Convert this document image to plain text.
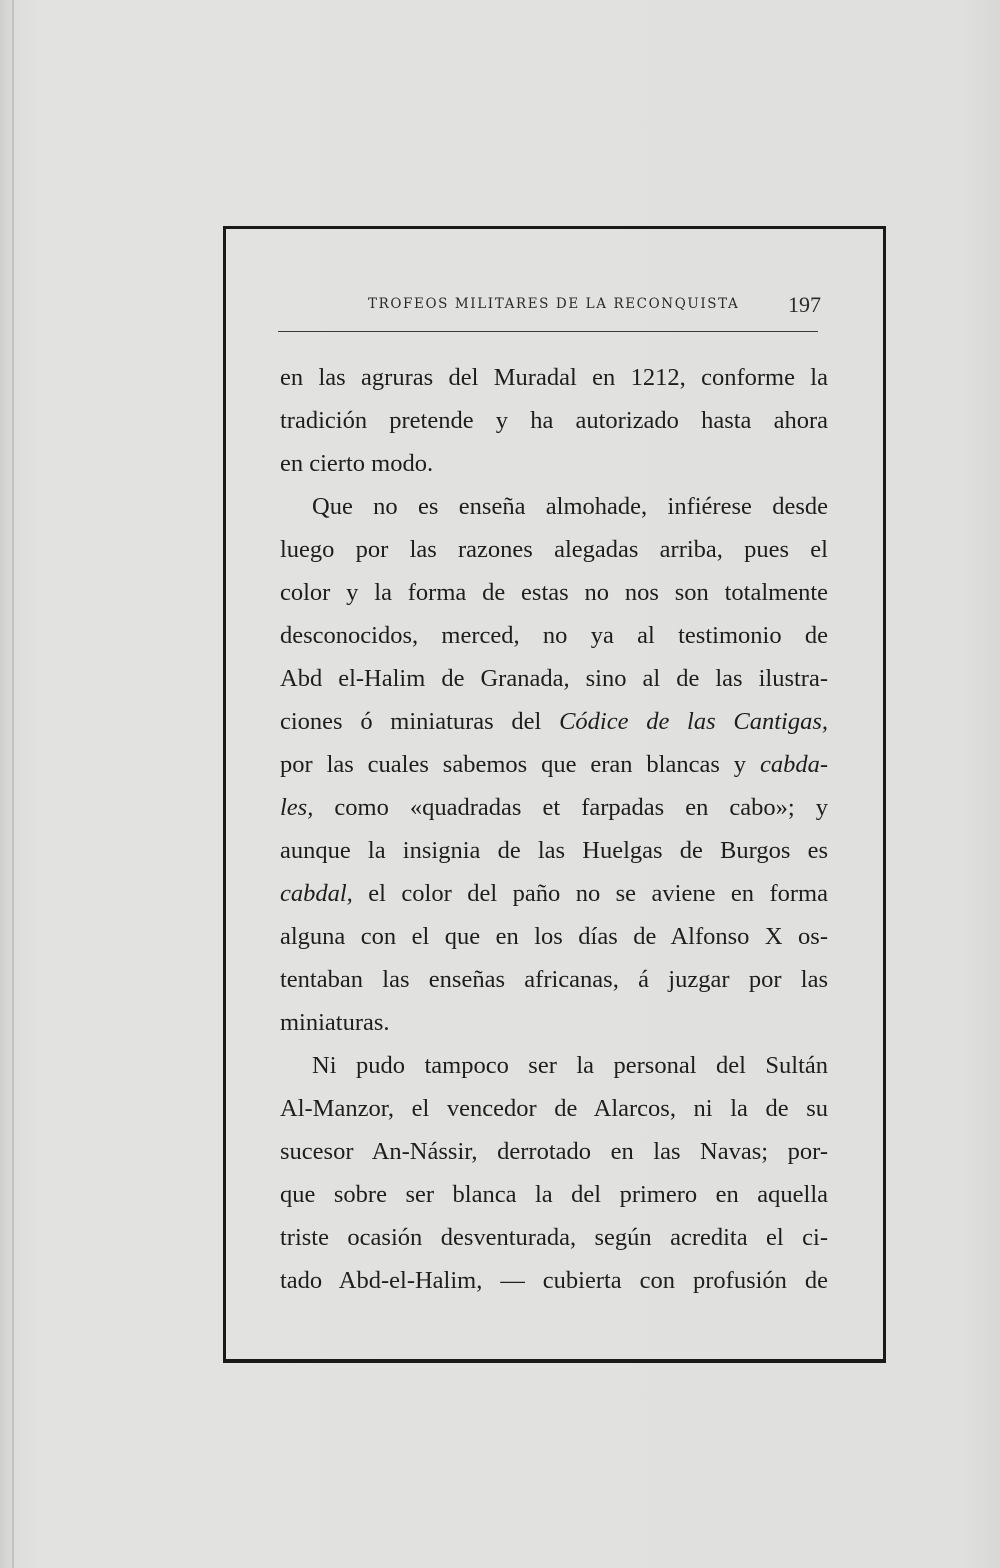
TROFEOS MILITARES DE LA RECONQUISTA 197

en las agruras del Muradal en 1212, conforme la
tradición pretende y ha autorizado hasta ahora
en cierto modo.

Que no es enseña almohade, infiérese desde
luego por las razones alegadas arriba, pues el
color y la forma de estas no nos son totalmente
desconocidos, merced, no ya al testimonio de
Abd el-Halim de Granada, sino al de las ilustra-
ciones ó miniaturas del Códice de las Cantigas,
por las cuales sabemos que eran blancas y cabda-
les, como «quadradas et farpadas en cabo»; y
aunque la insignia de las Huelgas de Burgos es
cabdal, el color del paño no se aviene en forma
alguna con el que en los días de Alfonso X os-
tentaban las enseñas africanas, á juzgar por las
miniaturas.

Ni pudo tampoco ser la personal del Sultán
Al-Manzor, el vencedor de Alarcos, ni la de su
sucesor An-Nássir, derrotado en las Navas; por-
que sobre ser blanca la del primero en aquella
triste ocasión desventurada, según acredita el ci-
tado Abd-el-Halim, — cubierta con profusión de
